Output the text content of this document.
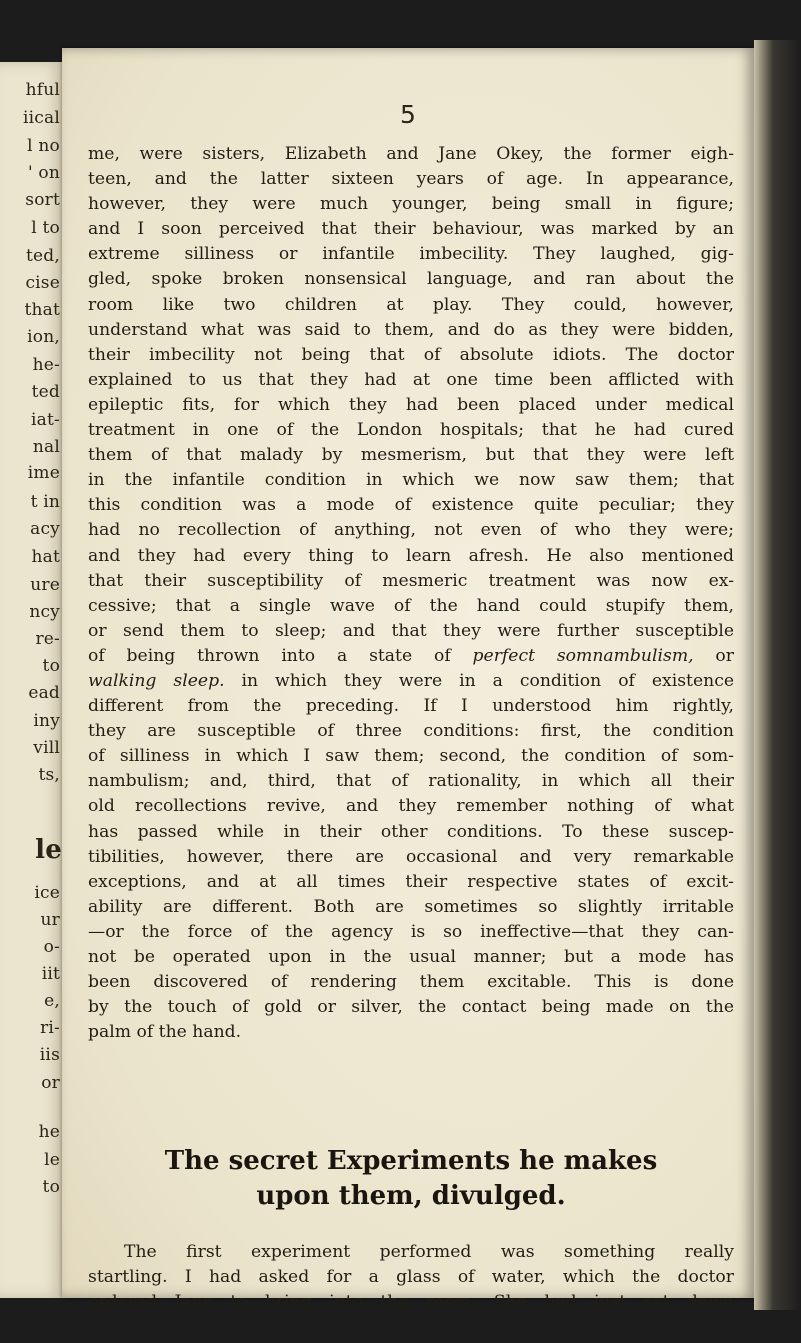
hful
iical
l no
' on
sort
l to
ted,
cise
that
ion,
he-
ted
iat-
nal
ime
t in
acy
hat
ure
ncy
re-
to
ead
iny
vill
ts,
le
ice
ur
o-
iit
e,
ri-
iis
or
he
le
to
5
me, were sisters, Elizabeth and Jane Okey, the former eigh-
teen, and the latter sixteen years of age. In appearance,
however, they were much younger, being small in figure;
and I soon perceived that their behaviour, was marked by an
extreme silliness or infantile imbecility. They laughed, gig-
gled, spoke broken nonsensical language, and ran about the
room like two children at play. They could, however,
understand what was said to them, and do as they were bidden,
their imbecility not being that of absolute idiots. The doctor
explained to us that they had at one time been afflicted with
epileptic fits, for which they had been placed under medical
treatment in one of the London hospitals; that he had cured
them of that malady by mesmerism, but that they were left
in the infantile condition in which we now saw them; that
this condition was a mode of existence quite peculiar; they
had no recollection of anything, not even of who they were;
and they had every thing to learn afresh. He also mentioned
that their susceptibility of mesmeric treatment was now ex-
cessive; that a single wave of the hand could stupify them,
or send them to sleep; and that they were further susceptible
of being thrown into a state of perfect somnambulism, or
walking sleep. in which they were in a condition of existence
different from the preceding. If I understood him rightly,
they are susceptible of three conditions: first, the condition
of silliness in which I saw them; second, the condition of som-
nambulism; and, third, that of rationality, in which all their
old recollections revive, and they remember nothing of what
has passed while in their other conditions. To these suscep-
tibilities, however, there are occasional and very remarkable
exceptions, and at all times their respective states of excit-
ability are different. Both are sometimes so slightly irritable
—or the force of the agency is so ineffective—that they can-
not be operated upon in the usual manner; but a mode has
been discovered of rendering them excitable. This is done
by the touch of gold or silver, the contact being made on the
palm of the hand.
The secret Experiments he makes
upon them, divulged.
The first experiment performed was something really
startling. I had asked for a glass of water, which the doctor
ordered Jane to bring into the room. She had just set down
